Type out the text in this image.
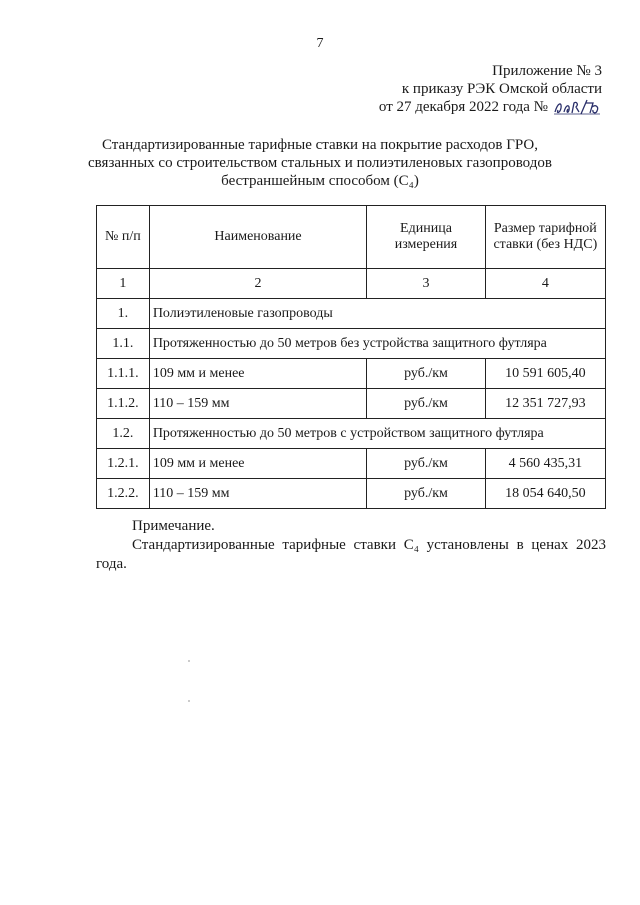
7
Приложение № 3
к приказу РЭК Омской области
от 27 декабря 2022 года №
Стандартизированные тарифные ставки на покрытие расходов ГРО,
связанных со строительством стальных и полиэтиленовых газопроводов
бестраншейным способом (C₄)
№ п/п	Наименование	Единица измерения	Размер тарифной ставки (без НДС)
1	2	3	4
1.	Полиэтиленовые газопроводы		
1.1.	Протяженностью до 50 метров без устройства защитного футляра		
1.1.1.	109 мм и менее	руб./км	10 591 605,40
1.1.2.	110 – 159 мм	руб./км	12 351 727,93
1.2.	Протяженностью до 50 метров с устройством защитного футляра		
1.2.1.	109 мм и менее	руб./км	4 560 435,31
1.2.2.	110 – 159 мм	руб./км	18 054 640,50

Примечание.

Стандартизированные тарифные ставки C₄ установлены в ценах 2023 года.
